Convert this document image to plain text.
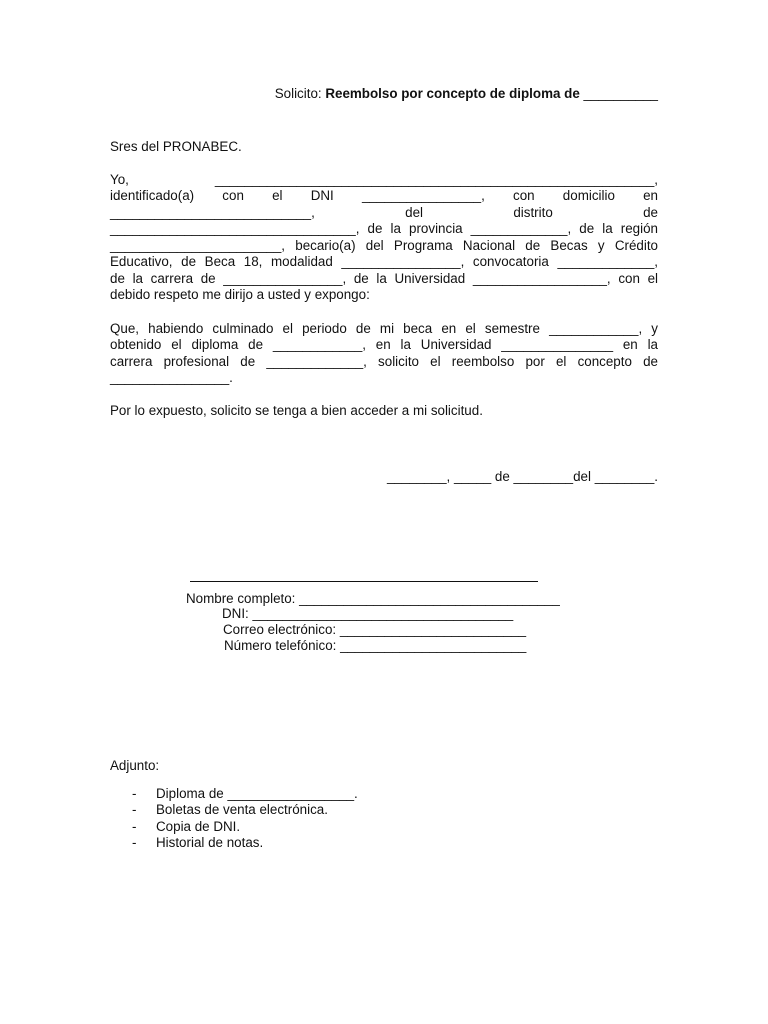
Solicito: Reembolso por concepto de diploma de __________
Sres del PRONABEC.
Yo, ___________________________________________________________,
identificado(a) con el DNI ________________, con domicilio en
___________________________, del distrito de
_________________________________, de la provincia _____________, de la región
_______________________, becario(a) del Programa Nacional de Becas y Crédito
Educativo, de Beca 18, modalidad ________________, convocatoria _____________,
de la carrera de ________________, de la Universidad __________________, con el
debido respeto me dirijo a usted y expongo:
Que, habiendo culminado el periodo de mi beca en el semestre ____________, y
obtenido el diploma de ____________, en la Universidad _______________ en la
carrera profesional de _____________, solicito el reembolso por el concepto de
________________.
Por lo expuesto, solicito se tenga a bien acceder a mi solicitud.
________, _____ de ________del ________.
Nombre completo: ___________________________________
DNI: ___________________________________
Correo electrónico: _________________________
Número telefónico: _________________________
Adjunto:
- Diploma de _________________.
- Boletas de venta electrónica.
- Copia de DNI.
- Historial de notas.
